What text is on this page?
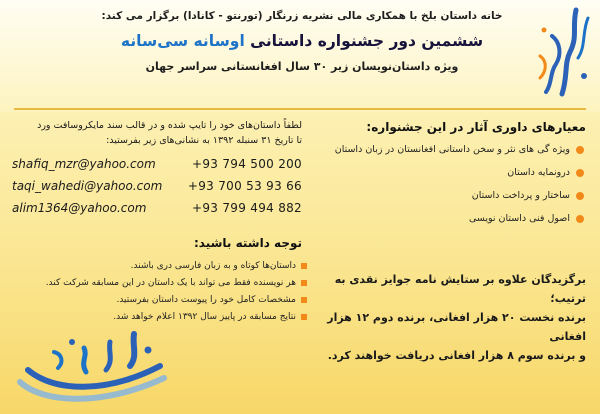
خانه داستان بلخ با همکاری مالی نشریه زرنگار (تورنتو - کانادا) برگزار می کند:
ششمین دور جشنواره داستانی اوسانه سی‌سانه
ویژه داستان‌نویسان زیر ۳۰ سال افغانستانی سراسر جهان
معیارهای داوری آثار در این جشنواره:
ویژه گی های نثر و سخن داستانی افغانستان در زبان داستان
درونمایه داستان
ساختار و پرداخت داستان
اصول فنی داستان نویسی
برگزیدگان علاوه بر ستایش نامه جوایز نقدی به ترتیب؛
برنده نخست ۲۰ هزار افغانی، برنده دوم ۱۲ هزار افغانی
و برنده سوم ۸ هزار افغانی دریافت خواهند کرد.
لطفاً داستان‌های خود را تایپ شده و در قالب سند مایکروسافت ورد
تا تاریخ ۳۱ سنبله ۱۳۹۲ به نشانی‌های زیر بفرستید:
shafiq_mzr@yahoo.com	+93 794 500 200
taqi_wahedi@yahoo.com +93 700 53 93 66
alim1364@yahoo.com	+93 799 494 882
توجه داشته باشید:
داستان‌ها کوتاه و به زبان فارسی دری باشند.
هر نویسنده فقط می تواند با یک داستان در این مسابقه شرکت کند.
مشخصات کامل خود را پیوست داستان بفرستید.
نتایج مسابقه در پاییز سال ۱۳۹۲ اعلام خواهد شد.
